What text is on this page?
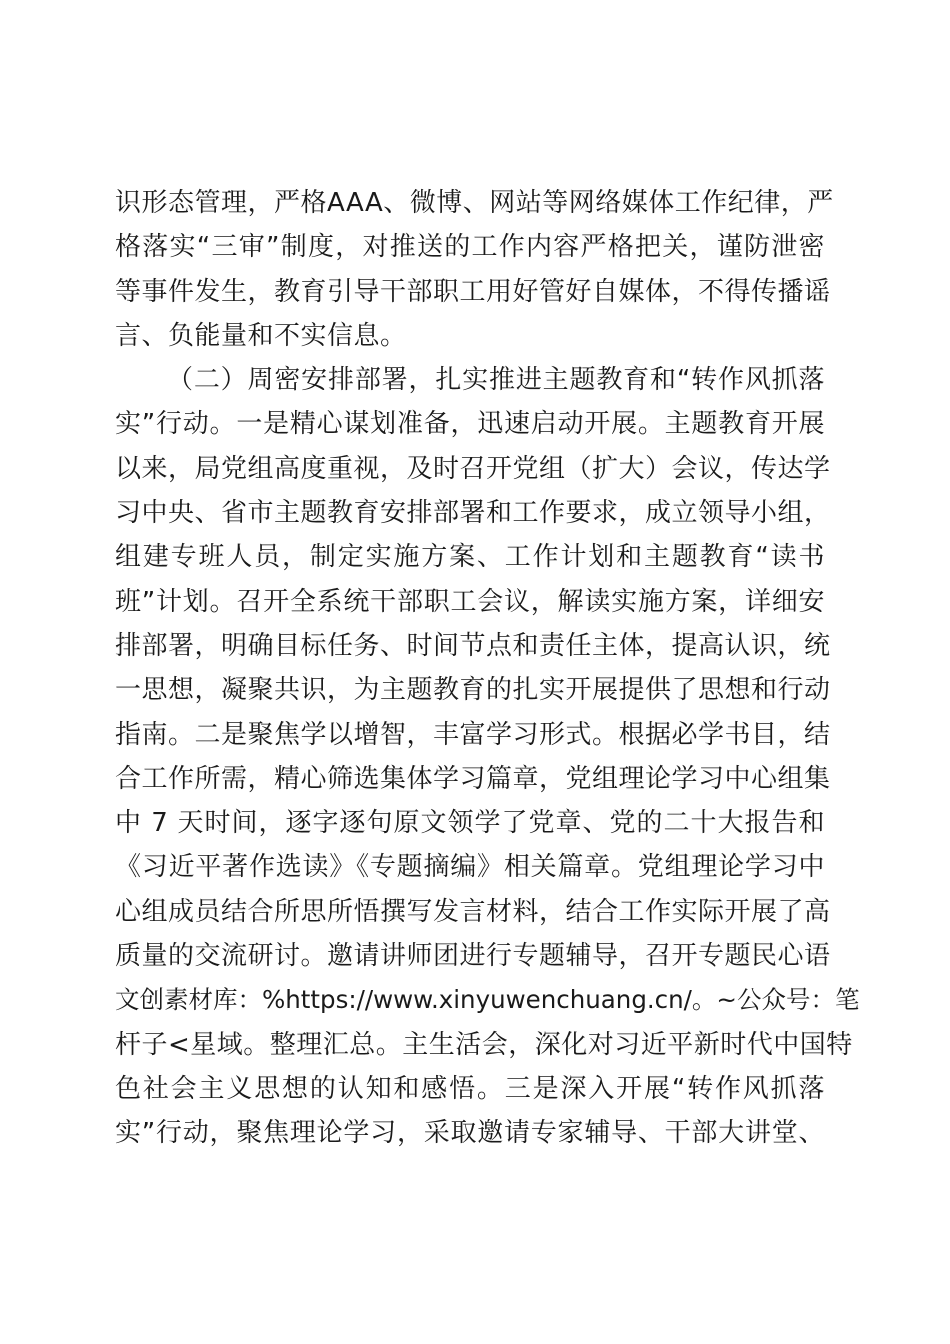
识形态管理，严格AAA、微博、网站等网络媒体工作纪律，严
格落实“三审”制度，对推送的工作内容严格把关，谨防泄密
等事件发生，教育引导干部职工用好管好自媒体，不得传播谣
言、负能量和不实信息。
（二）周密安排部署，扎实推进主题教育和“转作风抓落
实”行动。一是精心谋划准备，迅速启动开展。主题教育开展
以来，局党组高度重视，及时召开党组（扩大）会议，传达学
习中央、省市主题教育安排部署和工作要求，成立领导小组，
组建专班人员，制定实施方案、工作计划和主题教育“读书
班”计划。召开全系统干部职工会议，解读实施方案，详细安
排部署，明确目标任务、时间节点和责任主体，提高认识，统
一思想，凝聚共识，为主题教育的扎实开展提供了思想和行动
指南。二是聚焦学以增智，丰富学习形式。根据必学书目，结
合工作所需，精心筛选集体学习篇章，党组理论学习中心组集
中 7 天时间，逐字逐句原文领学了党章、党的二十大报告和
《习近平著作选读》《专题摘编》相关篇章。党组理论学习中
心组成员结合所思所悟撰写发言材料，结合工作实际开展了高
质量的交流研讨。邀请讲师团进行专题辅导，召开专题民心语
文创素材库：%https://www.xinyuwenchuang.cn/。~公众号：笔
杆子<星域。整理汇总。主生活会，深化对习近平新时代中国特
色社会主义思想的认知和感悟。三是深入开展“转作风抓落
实”行动，聚焦理论学习，采取邀请专家辅导、干部大讲堂、
